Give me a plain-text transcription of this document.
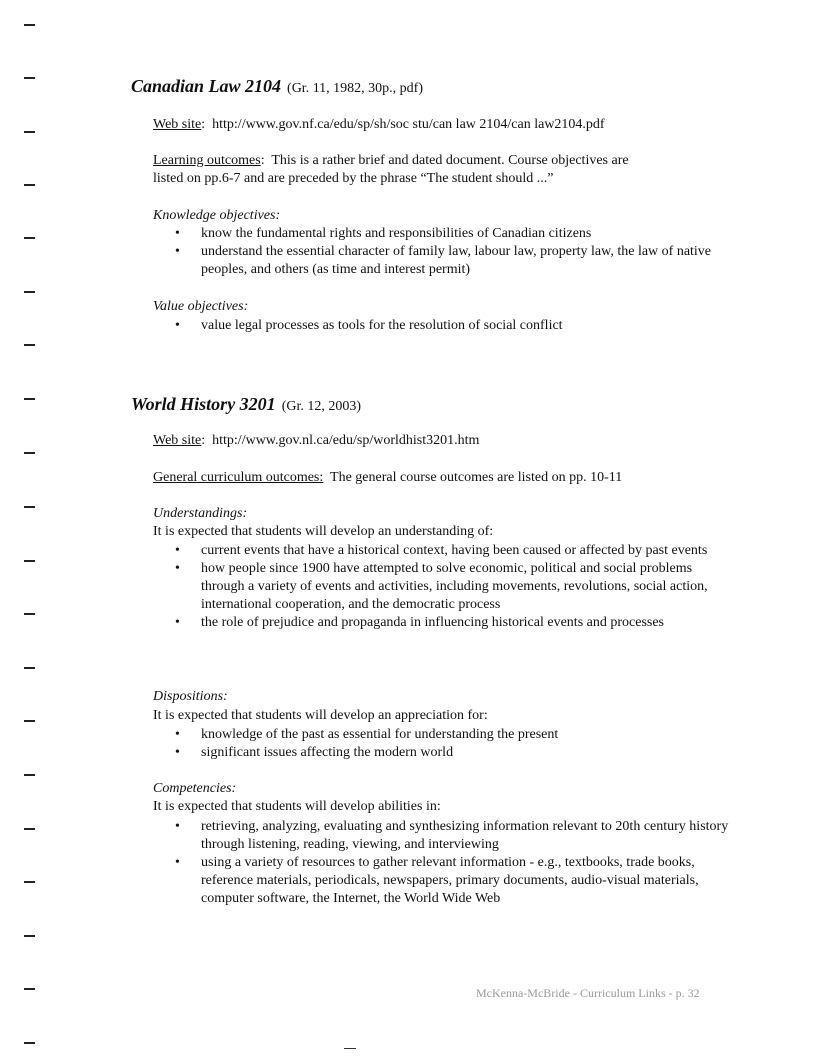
Canadian Law 2104 (Gr. 11, 1982, 30p., pdf)
Web site:  http://www.gov.nf.ca/edu/sp/sh/soc stu/can law 2104/can law2104.pdf
Learning outcomes:  This is a rather brief and dated document. Course objectives are
listed on pp.6-7 and are preceded by the phrase “The student should ...”
Knowledge objectives:
• know the fundamental rights and responsibilities of Canadian citizens
• understand the essential character of family law, labour law, property law, the law of native peoples, and others (as time and interest permit)
Value objectives:
• value legal processes as tools for the resolution of social conflict
World History 3201 (Gr. 12, 2003)
Web site:  http://www.gov.nl.ca/edu/sp/worldhist3201.htm
General curriculum outcomes: The general course outcomes are listed on pp. 10-11
Understandings:
It is expected that students will develop an understanding of:
• current events that have a historical context, having been caused or affected by past events
• how people since 1900 have attempted to solve economic, political and social problems through a variety of events and activities, including movements, revolutions, social action, international cooperation, and the democratic process
• the role of prejudice and propaganda in influencing historical events and processes
Dispositions:
It is expected that students will develop an appreciation for:
• knowledge of the past as essential for understanding the present
• significant issues affecting the modern world
Competencies:
It is expected that students will develop abilities in:
• retrieving, analyzing, evaluating and synthesizing information relevant to 20th century history through listening, reading, viewing, and interviewing
• using a variety of resources to gather relevant information - e.g., textbooks, trade books, reference materials, periodicals, newspapers, primary documents, audio-visual materials, computer software, the Internet, the World Wide Web
McKenna-McBride - Curriculum Links - p. 32
